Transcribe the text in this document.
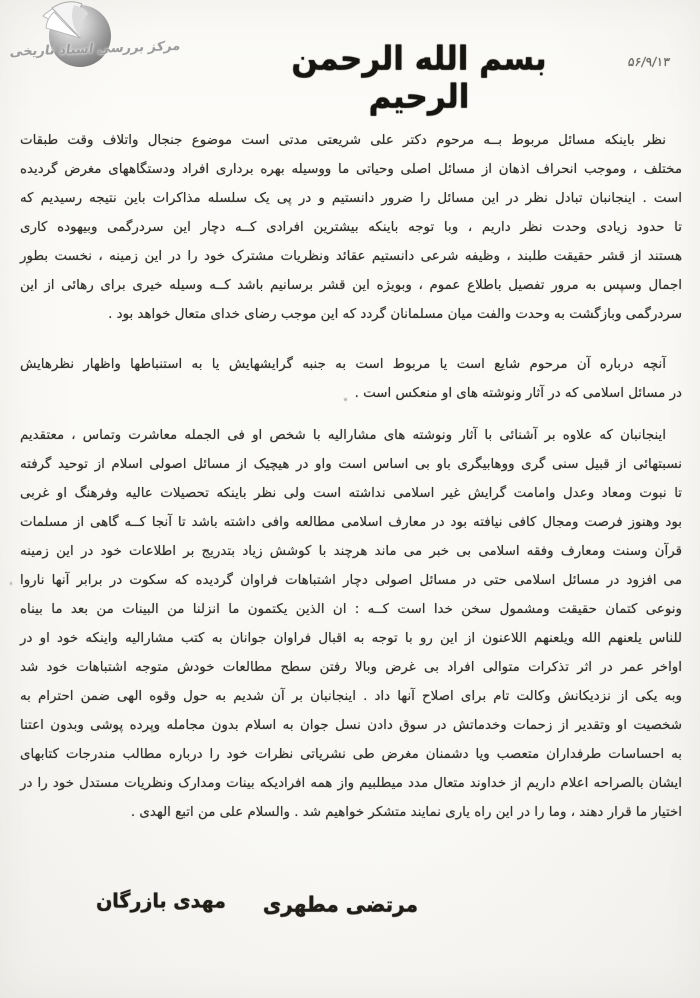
مرکز بررسی اسناد تاریخی
۵۶/۹/۱۳
بسم الله الرحمن الرحیم
نظر باینکه مسائل مربوط بــه مرحوم دکتر علی شریعتی مدتی است موضوع جنجال واتلاف وقت طبقات
مختلف ، وموجب انحراف اذهان از مسائل اصلی وحیاتی ما ووسیله بهره برداری افراد ودستگاههای مغرض گردیده
است . اینجانبان تبادل نظر در این مسائل را ضرور دانستیم و در پی یک سلسله مذاکرات باین نتیجه رسیدیم که
تا حدود زیادی وحدت نظر داریم ، وبا توجه باینکه بیشترین افرادی کــه دچار این سردرگمی وبیهوده کاری
هستند از قشر حقیقت طلبند ، وظیفه شرعی دانستیم عقائد ونظریات مشترک خود را در این زمینه ، نخست بطور
اجمال وسپس به مرور تفصیل باطلاع عموم ، وبویژه این قشر برسانیم باشد کــه وسیله خیری برای رهائی از این
سردرگمی وبازگشت به وحدت والفت میان مسلمانان گردد که این موجب رضای خدای متعال خواهد بود .
آنچه درباره آن مرحوم شایع است یا مربوط است به جنبه گرایشهایش یا به استنباطها واظهار نظرهایش
در مسائل اسلامی که در آثار ونوشته های او منعکس است .
اینجانبان که علاوه بر آشنائی با آثار ونوشته های مشارالیه با شخص او فی الجمله معاشرت وتماس ، معتقدیم
نسبتهائی از قبیل سنی گری ووهابیگری باو بی اساس است واو در هیچیک از مسائل اصولی اسلام از توحید گرفته
تا نبوت ومعاد وعدل وامامت گرایش غیر اسلامی نداشته است ولی نظر باینکه تحصیلات عالیه وفرهنگ او غربی
بود وهنوز فرصت ومجال کافی نیافته بود در معارف اسلامی مطالعه وافی داشته باشد تا آنجا کــه گاهی از مسلمات
قرآن وسنت ومعارف وفقه اسلامی بی خبر می ماند هرچند با کوشش زیاد بتدریج بر اطلاعات خود در این زمینه
می افزود در مسائل اسلامی حتی در مسائل اصولی دچار اشتباهات فراوان گردیده که سکوت در برابر آنها ناروا
ونوعی کتمان حقیقت ومشمول سخن خدا است کــه : ان الذین یکتمون ما انزلنا من البینات من بعد ما بیناه
للناس یلعنهم الله ویلعنهم اللاعنون از این رو با توجه به اقبال فراوان جوانان به کتب مشارالیه واینکه خود او در
اواخر عمر در اثر تذکرات متوالی افراد بی غرض وبالا رفتن سطح مطالعات خودش متوجه اشتباهات خود شد
وبه یکی از نزدیکانش وکالت تام برای اصلاح آنها داد . اینجانبان بر آن شدیم به حول وقوه الهی ضمن احترام به
شخصیت او وتقدیر از زحمات وخدماتش در سوق دادن نسل جوان به اسلام بدون مجامله وپرده پوشی وبدون اعتنا
به احساسات طرفداران متعصب ویا دشمنان مغرض طی نشریاتی نظرات خود را درباره مطالب مندرجات کتابهای
ایشان بالصراحه اعلام داریم از خداوند متعال مدد میطلبیم واز همه افرادیکه بینات ومدارک ونظریات مستدل خود را در
اختیار ما قرار دهند ، وما را در این راه یاری نمایند متشکر خواهیم شد . والسلام علی من اتبع الهدی .
مرتضی مطهری
مهدی بازرگان
